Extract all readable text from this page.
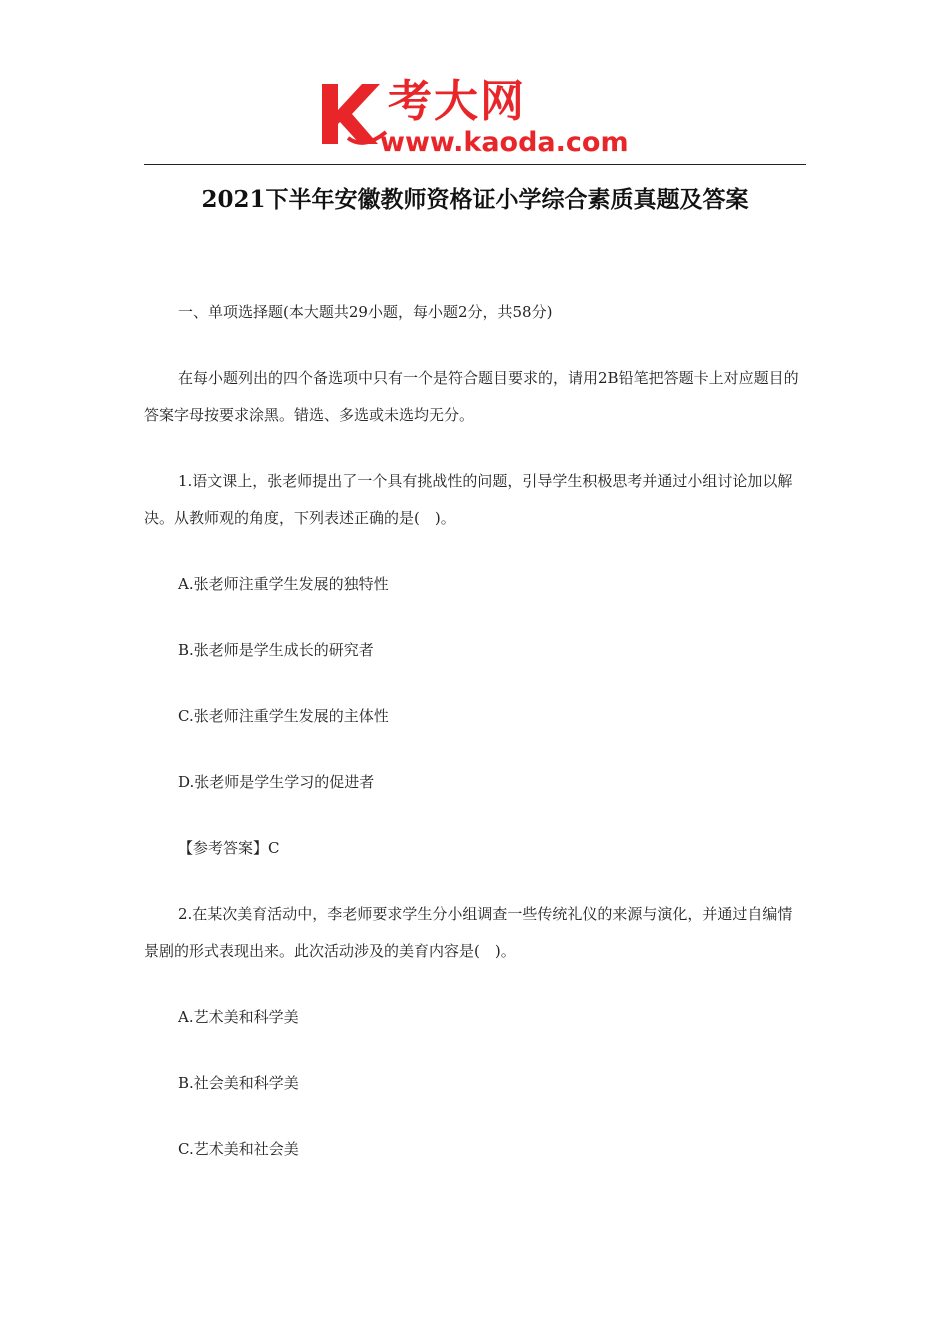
考大网
www.kaoda.com
2021下半年安徽教师资格证小学综合素质真题及答案

一、单项选择题(本大题共29小题，每小题2分，共58分)

在每小题列出的四个备选项中只有一个是符合题目要求的，请用2B铅笔把答题卡上对应题目的答案字母按要求涂黑。错选、多选或未选均无分。

1.语文课上，张老师提出了一个具有挑战性的问题，引导学生积极思考并通过小组讨论加以解决。从教师观的角度，下列表述正确的是(　)。

A.张老师注重学生发展的独特性

B.张老师是学生成长的研究者

C.张老师注重学生发展的主体性

D.张老师是学生学习的促进者

【参考答案】C

2.在某次美育活动中，李老师要求学生分小组调查一些传统礼仪的来源与演化，并通过自编情景剧的形式表现出来。此次活动涉及的美育内容是(　)。

A.艺术美和科学美

B.社会美和科学美

C.艺术美和社会美
